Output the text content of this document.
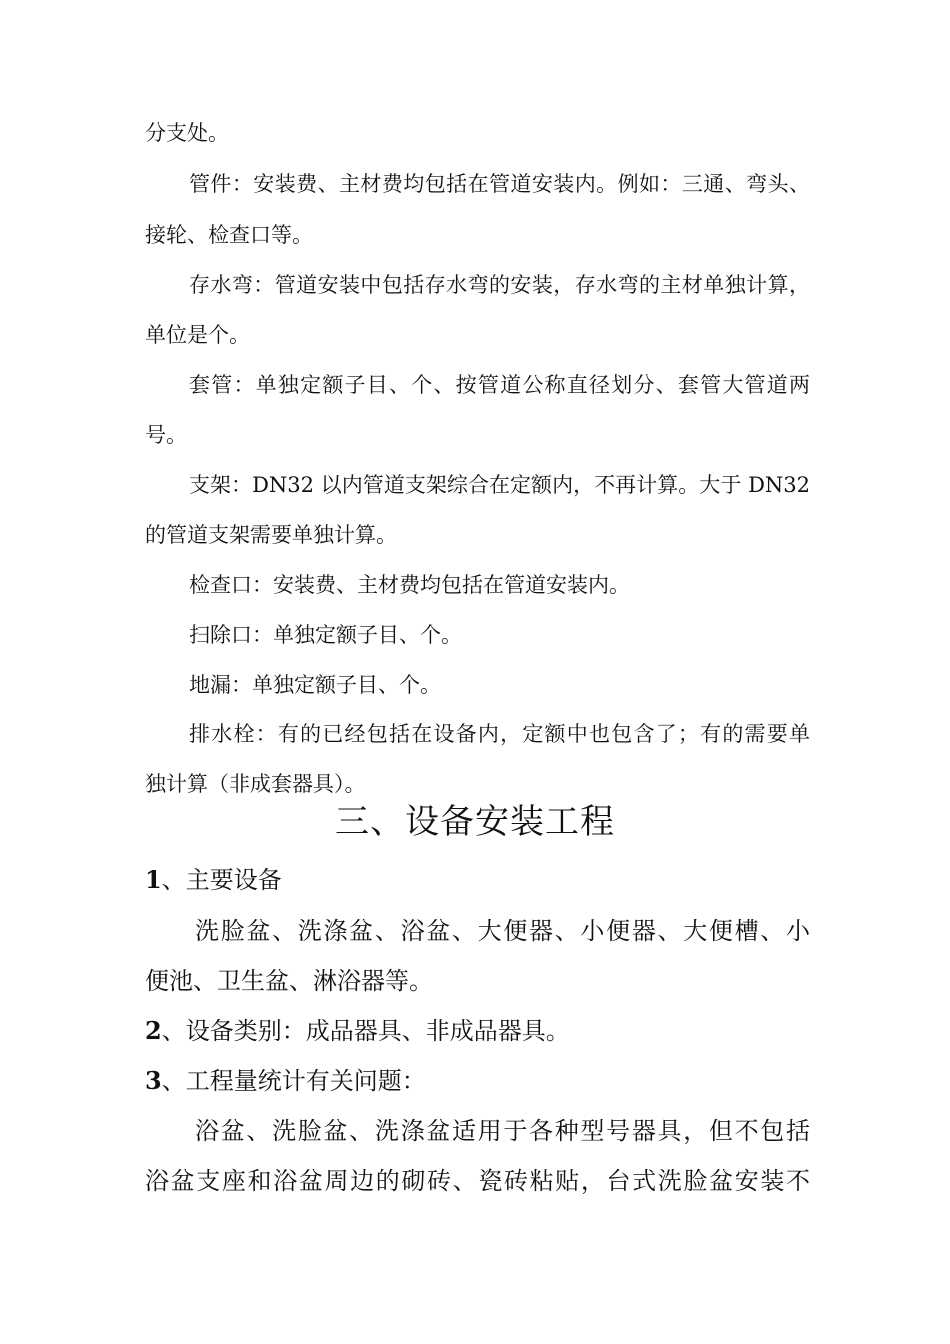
分支处。
管件：安装费、主材费均包括在管道安装内。例如：三通、弯头、
接轮、检查口等。
存水弯：管道安装中包括存水弯的安装，存水弯的主材单独计算，
单位是个。
套管：单独定额子目、个、按管道公称直径划分、套管大管道两
号。
支架：DN32 以内管道支架综合在定额内，不再计算。大于 DN32
的管道支架需要单独计算。
检查口：安装费、主材费均包括在管道安装内。
扫除口：单独定额子目、个。
地漏：单独定额子目、个。
排水栓：有的已经包括在设备内，定额中也包含了；有的需要单
独计算（非成套器具）。
三、设备安装工程
1、主要设备
洗脸盆、洗涤盆、浴盆、大便器、小便器、大便槽、小
便池、卫生盆、淋浴器等。
2、设备类别：成品器具、非成品器具。
3、工程量统计有关问题：
浴盆、洗脸盆、洗涤盆适用于各种型号器具，但不包括
浴盆支座和浴盆周边的砌砖、瓷砖粘贴，台式洗脸盆安装不
